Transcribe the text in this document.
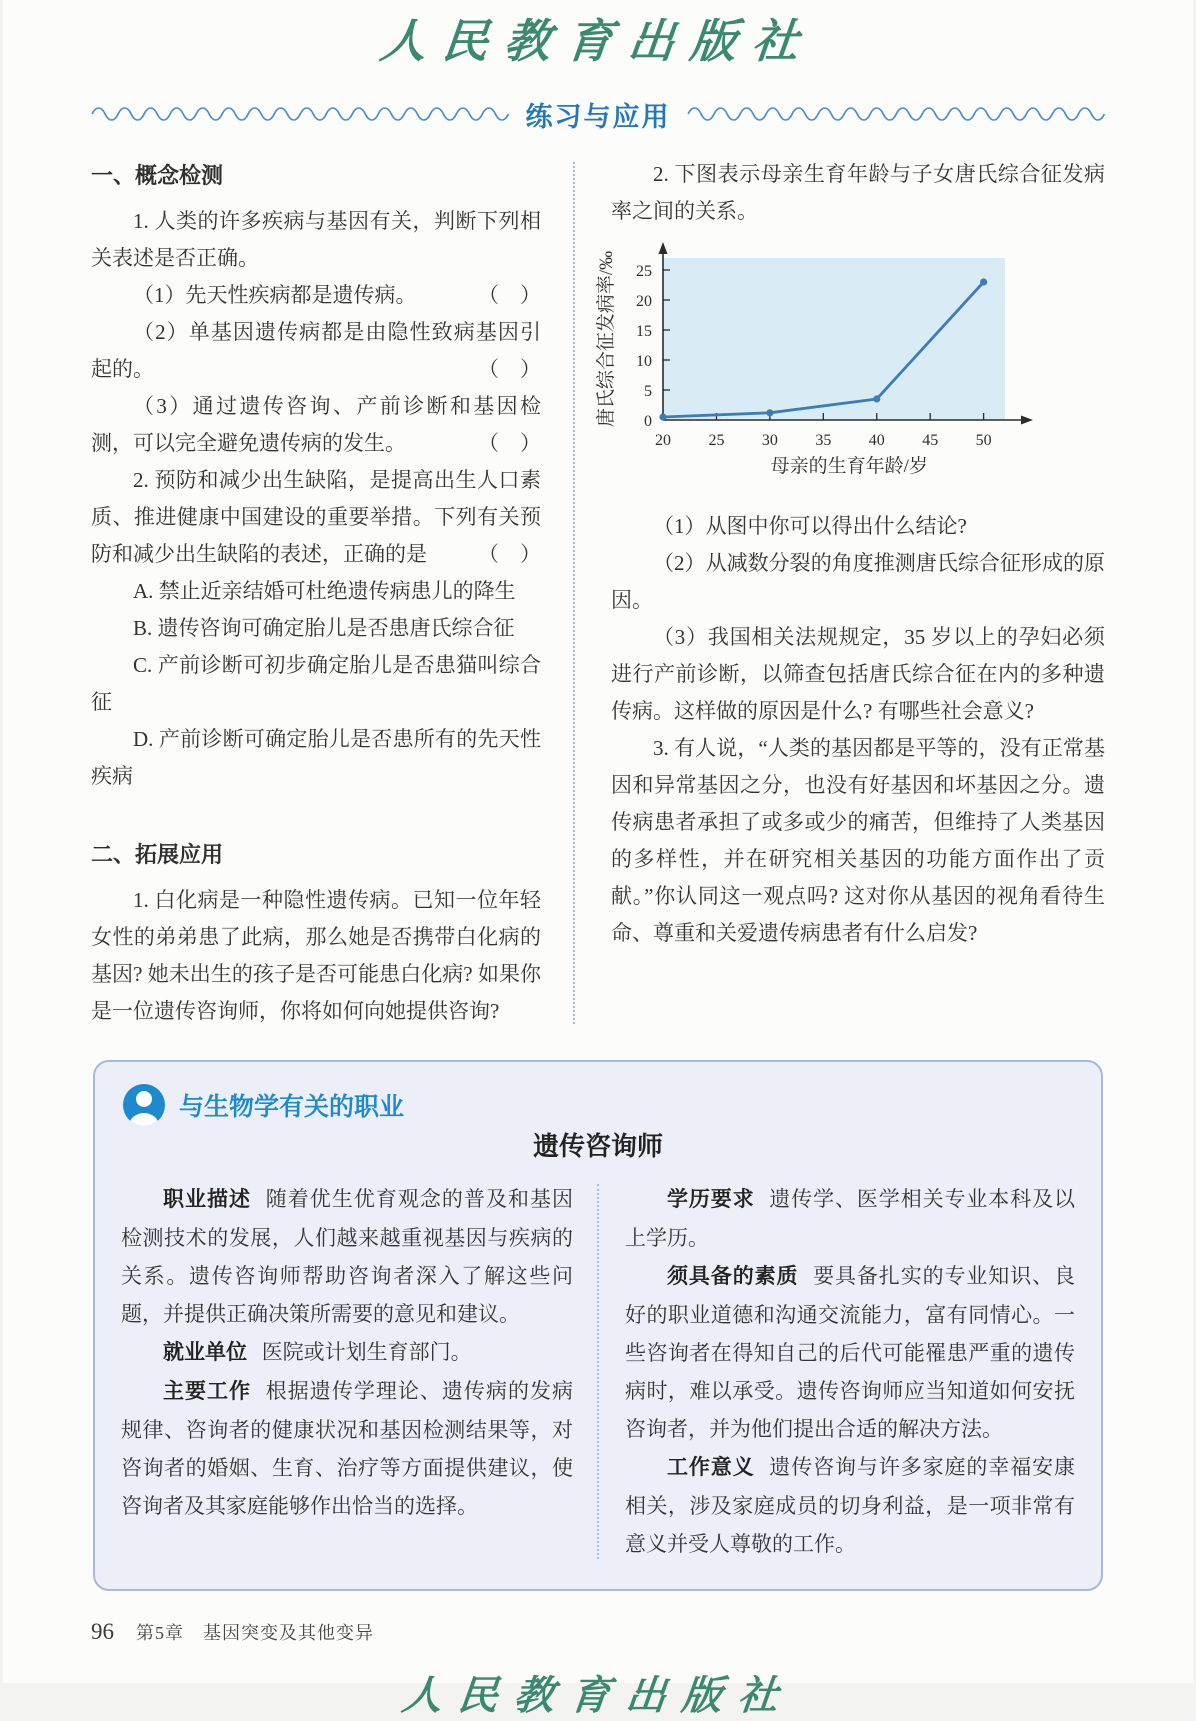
人民教育出版社
练习与应用
一、概念检测

1. 人类的许多疾病与基因有关，判断下列相关表述是否正确。

（1）先天性疾病都是遗传病。	（　）

（2）单基因遗传病都是由隐性致病基因引起的。	（　）

（3）通过遗传咨询、产前诊断和基因检测，可以完全避免遗传病的发生。	（　）

2. 预防和减少出生缺陷，是提高出生人口素质、推进健康中国建设的重要举措。下列有关预防和减少出生缺陷的表述，正确的是	（　）

A. 禁止近亲结婚可杜绝遗传病患儿的降生

B. 遗传咨询可确定胎儿是否患唐氏综合征

C. 产前诊断可初步确定胎儿是否患猫叫综合征

D. 产前诊断可确定胎儿是否患所有的先天性疾病

二、拓展应用

1. 白化病是一种隐性遗传病。已知一位年轻女性的弟弟患了此病，那么她是否携带白化病的基因? 她未出生的孩子是否可能患白化病? 如果你是一位遗传咨询师，你将如何向她提供咨询?

2. 下图表示母亲生育年龄与子女唐氏综合征发病率之间的关系。

20 25 30 35 40 45 50
0
5
10
15
20
25
母亲的生育年龄/岁
唐氏综合征发病率/‰

（1）从图中你可以得出什么结论?

（2）从减数分裂的角度推测唐氏综合征形成的原因。

（3）我国相关法规规定，35 岁以上的孕妇必须进行产前诊断，以筛查包括唐氏综合征在内的多种遗传病。这样做的原因是什么? 有哪些社会意义?

3. 有人说，“人类的基因都是平等的，没有正常基因和异常基因之分，也没有好基因和坏基因之分。遗传病患者承担了或多或少的痛苦，但维持了人类基因的多样性，并在研究相关基因的功能方面作出了贡献。”你认同这一观点吗? 这对你从基因的视角看待生命、尊重和关爱遗传病患者有什么启发?

与生物学有关的职业
遗传咨询师

职业描述 随着优生优育观念的普及和基因检测技术的发展，人们越来越重视基因与疾病的关系。遗传咨询师帮助咨询者深入了解这些问题，并提供正确决策所需要的意见和建议。

就业单位 医院或计划生育部门。

主要工作 根据遗传学理论、遗传病的发病规律、咨询者的健康状况和基因检测结果等，对咨询者的婚姻、生育、治疗等方面提供建议，使咨询者及其家庭能够作出恰当的选择。

学历要求 遗传学、医学相关专业本科及以上学历。

须具备的素质 要具备扎实的专业知识、良好的职业道德和沟通交流能力，富有同情心。一些咨询者在得知自己的后代可能罹患严重的遗传病时，难以承受。遗传咨询师应当知道如何安抚咨询者，并为他们提出合适的解决方法。

工作意义 遗传咨询与许多家庭的幸福安康相关，涉及家庭成员的切身利益，是一项非常有意义并受人尊敬的工作。

96 第5章　基因突变及其他变异
人民教育出版社
